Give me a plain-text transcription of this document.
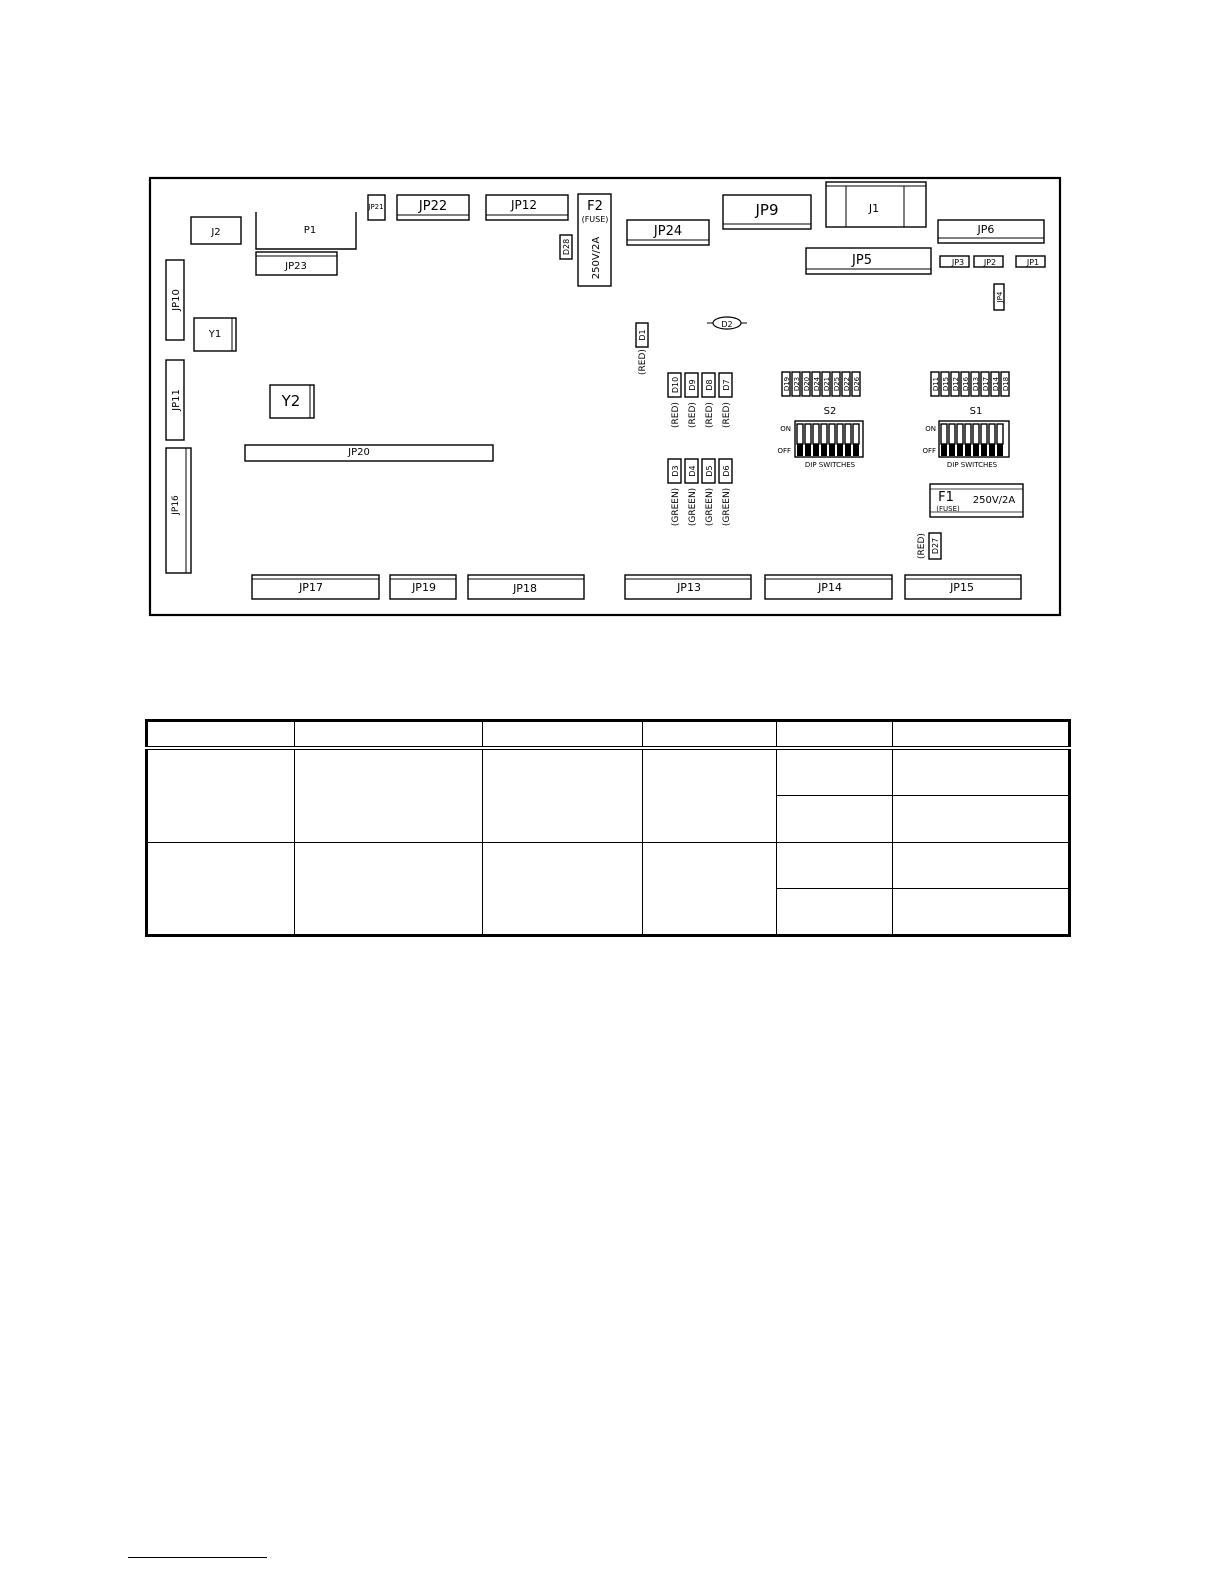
J2	P1
JP23
JP21	JP22	JP12	F2
(FUSE)
250V/2A
D28
JP24
JP9	J1
JP6
JP5	JP3 JP2	JP1
JP4
JP10
Y1
JP11	Y2
JP16
JP20
D2
D1
(RED)
D10
(RED)
D9
(RED)
D8
(RED)
D7
(RED)
D3
(GREEN)
D4
(GREEN)
D5
(GREEN)
D6
(GREEN)
D19 D23 D20 D24 D21 D25 D22 D26
S2
ON
OFF
DIP SWITCHES
D11 D15 D12 D16 D13 D17 D14 D18
S1
ON
OFF
DIP SWITCHES
F1
(FUSE)
250V/2A
D27
(RED)
JP17	JP19	JP18	JP13	JP14	JP15
